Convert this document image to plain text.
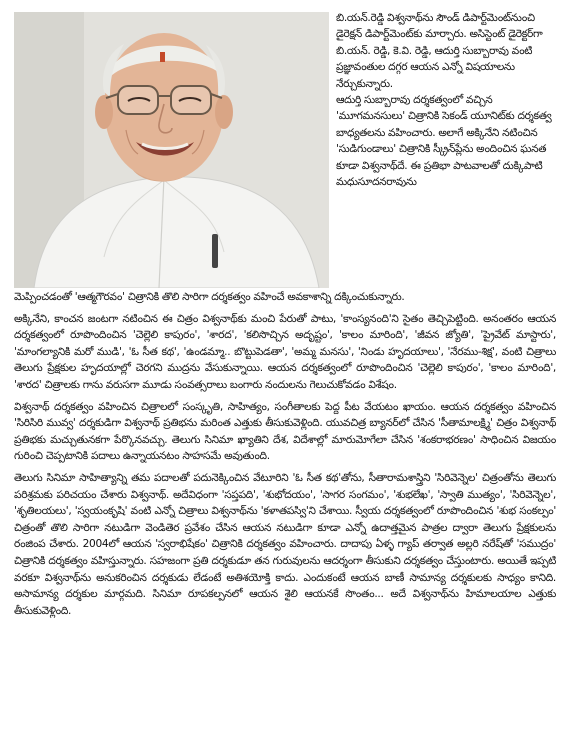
బి.యన్.రెడ్డి విశ్వనాథ్‌ను సౌండ్ డిపార్ట్‌మెంట్‌నుంచి డైరెక్షన్ డిపార్ట్‌మెంట్‌కు మార్చారు. అసిస్టెంట్ డైరెక్టర్‌గా బి.యన్. రెడ్డి, కె.వి. రెడ్డి, ఆదుర్తి సుబ్బారావు వంటి ప్రజ్ఞావంతుల దగ్గర ఆయన ఎన్నో విషయాలను నేర్చుకున్నారు.

ఆదుర్తి సుబ్బారావు దర్శకత్వంలో వచ్చిన 'మూగమనసులు' చిత్రానికి సెకండ్ యూనిట్‌కు దర్శకత్వ బాధ్యతలను వహించారు. అలాగే అక్కినేని నటించిన 'సుడిగుండాలు' చిత్రానికి స్క్రీన్‌ప్లేను అందించిన ఘనత కూడా విశ్వనాథ్‌దే. ఈ ప్రతిభా పాటవాలతో దుక్కిపాటి మధుసూదనరావును

మెప్పించడంతో 'ఆత్మగౌరవం' చిత్రానికి తొలి సారిగా దర్శకత్వం వహించే అవకాశాన్ని దక్కించుకున్నారు.

అక్కినేని, కాంచన జంటగా నటించిన ఈ చిత్రం విశ్వనాథ్‌కు మంచి పేరుతో పాటు, 'కాంస్యనంది'ని సైతం తెచ్చిపెట్టింది. అనంతరం ఆయన దర్శకత్వంలో రూపొందించిన 'చెల్లెలి కాపురం', 'శారద', 'కలిసొచ్చిన అదృష్టం', 'కాలం మారింది', 'జీవన జ్యోతి', 'ప్రైవేట్ మాస్టారు', 'మాంగల్యానికి మరో ముడి', 'ఓ సీత కథ', 'ఉండమ్మా.. బొట్టుపెడతా', 'అమ్మ మనసు', 'నిండు హృదయాలు', 'నేరము-శిక్ష', వంటి చిత్రాలు తెలుగు ప్రేక్షకుల హృదయాల్లో చెరగని ముద్రను వేసుకున్నాయి. ఆయన దర్శకత్వంలో రూపొందించిన 'చెల్లెలి కాపురం', 'కాలం మారింది', 'శారద' చిత్రాలకు గాను వరుసగా మూడు సంవత్సరాలు బంగారు నందులను గెలుచుకోవడం విశేషం.

విశ్వనాథ్ దర్శకత్వం వహించిన చిత్రాలలో సంస్కృతి, సాహిత్యం, సంగీతాలకు పెద్ద పీట వేయటం ఖాయం. ఆయన దర్శకత్వం వహించిన 'సిరిసిరి మువ్వ' దర్శకుడిగా విశ్వనాథ్ ప్రతిభను మరింత ఎత్తుకు తీసుకువెళ్లింది. యువచిత్ర బ్యానర్‌లో చేసిన 'సీతామాలక్ష్మి' చిత్రం విశ్వనాథ్ ప్రతిభకు మచ్చుతునకగా పేర్కొనవచ్చు. తెలుగు సినిమా ఖ్యాతిని దేశ, విదేశాల్లో మారుమోగేలా చేసిన 'శంకరాభరణం' సాధించిన విజయం గురించి చెప్పటానికి పదాలు ఉన్నాయనటం సాహసమే అవుతుంది.

తెలుగు సినిమా సాహిత్యాన్ని తమ పదాలతో పదునెక్కించిన వేటూరిని 'ఓ సీత కథ'తోను, సీతారామశాస్త్రిని 'సిరివెన్నెల' చిత్రంతోను తెలుగు పరిశ్రమకు పరిచయం చేశారు విశ్వనాథ్. అదేవిధంగా 'సప్తపది', 'శుభోదయం', 'సాగర సంగమం', 'శుభలేఖ', 'స్వాతి ముత్యం', 'సిరివెన్నెల', 'శృతిలయలు', 'స్వయంకృషి' వంటి ఎన్నో చిత్రాలు విశ్వనాథ్‌ను 'కళాతపస్వి'ని చేశాయి. స్వీయ దర్శకత్వంలో రూపొందించిన 'శుభ సంకల్పం' చిత్రంతో తొలి సారిగా నటుడిగా వెండితెర ప్రవేశం చేసిన ఆయన నటుడిగా కూడా ఎన్నో ఉదాత్తమైన పాత్రల ద్వారా తెలుగు ప్రేక్షకులను రంజింప చేశారు. 2004లో ఆయన 'స్వరాభిషేకం' చిత్రానికి దర్శకత్వం వహించారు. దాదాపు ఏళ్ళ గ్యాప్ తర్వాత అల్లరి నరేష్‌తో 'సముద్రం' చిత్రానికి దర్శకత్వం వహిస్తున్నారు. సహజంగా ప్రతి దర్శకుడూ తన గురువులను ఆదర్శంగా తీసుకుని దర్శకత్వం చేస్తుంటారు. అయితే ఇప్పటి వరకూ విశ్వనాథ్‌ను అనుకరించిన దర్శకుడు లేడంటే అతిశయోక్తి కాదు. ఎందుకంటే ఆయన బాణీ సామాన్య దర్శకులకు సాధ్యం కానిది. అసామాన్య దర్శకుల మార్గమది. సినిమా రూపకల్పనలో ఆయన శైలి ఆయనకే సొంతం... అదే విశ్వనాథ్‌ను హిమాలయాల ఎత్తుకు తీసుకువెళ్లింది.
